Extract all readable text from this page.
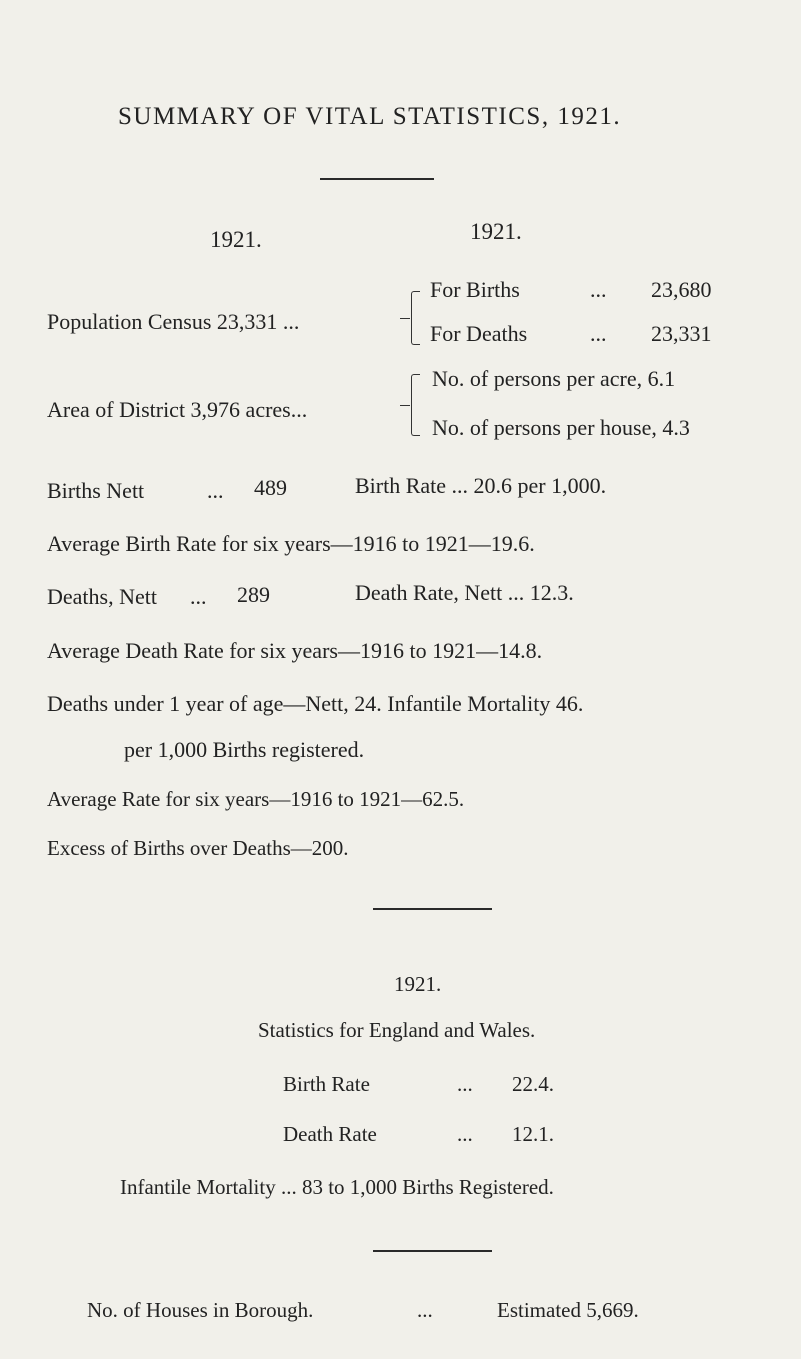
SUMMARY OF VITAL STATISTICS, 1921.
1921.	1921.
Population Census 23,331 ...
For Births	... 23,680
For Deaths	... 23,331
Area of District 3,976 acres...
No. of persons per acre, 6.1
No. of persons per house, 4.3
Births Nett	... 489	Birth Rate ... 20.6 per 1,000.
Average Birth Rate for six years—1916 to 1921—19.6.
Deaths, Nett ... 289	Death Rate, Nett ... 12.3.
Average Death Rate for six years—1916 to 1921—14.8.
Deaths under 1 year of age—Nett, 24. Infantile Mortality 46.
per 1,000 Births registered.
Average Rate for six years—1916 to 1921—62.5.
Excess of Births over Deaths—200.
1921.
Statistics for England and Wales.
Birth Rate	... 22.4.
Death Rate	... 12.1.
Infantile Mortality ... 83 to 1,000 Births Registered.
No. of Houses in Borough.	...	Estimated 5,669.
